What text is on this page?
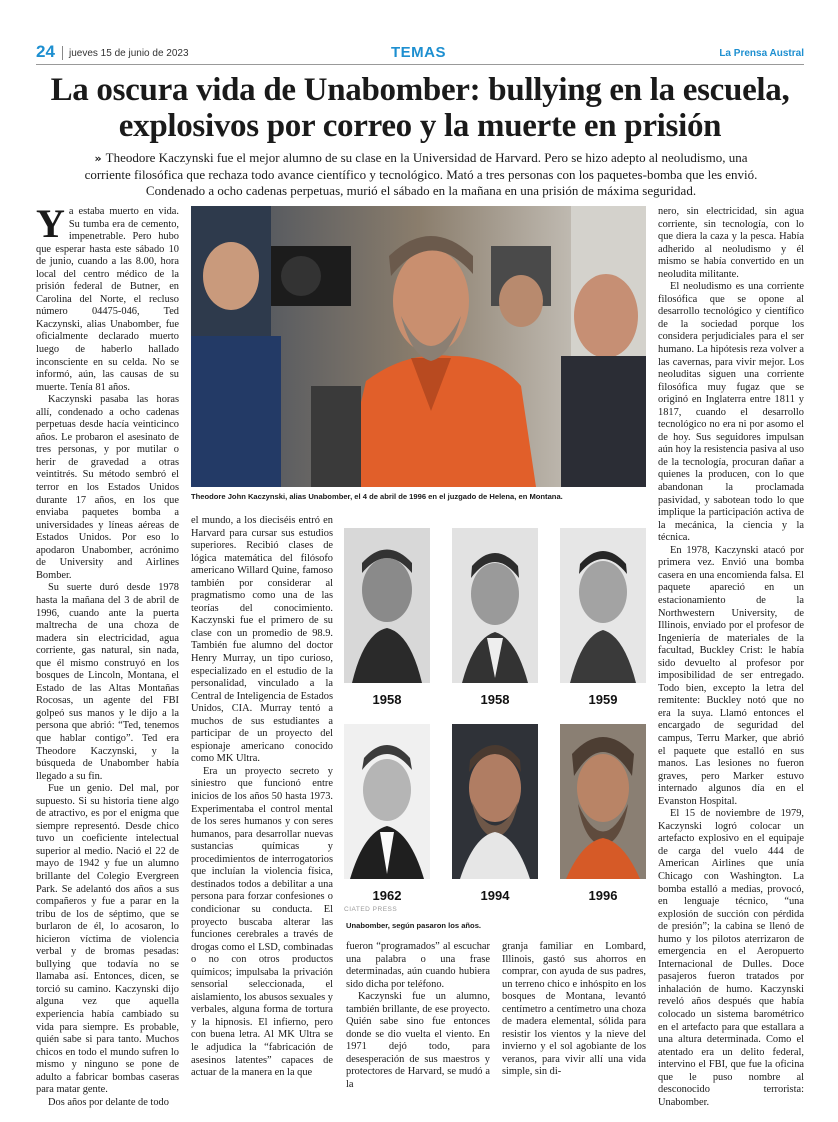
24 jueves 15 de junio de 2023	TEMAS	La Prensa Austral
La oscura vida de Unabomber: bullying en la escuela,
explosivos por correo y la muerte en prisión
» Theodore Kaczynski fue el mejor alumno de su clase en la Universidad de Harvard. Pero se hizo adepto al neoludismo, una corriente filosófica que rechaza todo avance científico y tecnológico. Mató a tres personas con los paquetes-bomba que les envió. Condenado a ocho cadenas perpetuas, murió el sábado en la mañana en una prisión de máxima seguridad.

Ya estaba muerto en vida. Su tumba era de cemento, impenetrable. Pero hubo que esperar hasta este sábado 10 de junio, cuando a las 8.00, hora local del centro médico de la prisión federal de Butner, en Carolina del Norte, el recluso número 04475-046, Ted Kaczynski, alias Unabomber, fue oficialmente declarado muerto luego de haberlo hallado inconsciente en su celda. No se informó, aún, las causas de su muerte. Tenía 81 años.

Kaczynski pasaba las horas allí, condenado a ocho cadenas perpetuas desde hacía veinticinco años. Le probaron el asesinato de tres personas, y por mutilar o herir de gravedad a otras veintitrés. Su método sembró el terror en los Estados Unidos durante 17 años, en los que enviaba paquetes bomba a universidades y líneas aéreas de Estados Unidos. Por eso lo apodaron Unabomber, acrónimo de University and Airlines Bomber.

Su suerte duró desde 1978 hasta la mañana del 3 de abril de 1996, cuando ante la puerta maltrecha de una choza de madera sin electricidad, agua corriente, gas natural, sin nada, que él mismo construyó en los bosques de Lincoln, Montana, el Estado de las Altas Montañas Rocosas, un agente del FBI golpeó sus manos y le dijo a la persona que abrió: “Ted, tenemos que hablar contigo”. Ted era Theodore Kaczynski, y la búsqueda de Unabomber había llegado a su fin.

Fue un genio. Del mal, por supuesto. Si su historia tiene algo de atractivo, es por el enigma que siempre representó. Desde chico tuvo un coeficiente intelectual superior al medio. Nació el 22 de mayo de 1942 y fue un alumno brillante del Colegio Evergreen Park. Se adelantó dos años a sus compañeros y fue a parar en la tribu de los de séptimo, que se burlaron de él, lo acosaron, lo hicieron víctima de violencia verbal y de bromas pesadas: bullying que todavía no se llamaba así. Entonces, dicen, se torció su camino. Kaczynski dijo alguna vez que aquella experiencia había cambiado su vida para siempre. Es probable, quién sabe si para tanto. Muchos chicos en todo el mundo sufren lo mismo y ninguno se pone de adulto a fabricar bombas caseras para matar gente.

Dos años por delante de todo

Theodore John Kaczynski, alias Unabomber, el 4 de abril de 1996 en el juzgado de Helena, en Montana.

el mundo, a los dieciséis entró en Harvard para cursar sus estudios superiores. Recibió clases de lógica matemática del filósofo americano Willard Quine, famoso también por considerar al pragmatismo como una de las teorías del conocimiento. Kaczynski fue el primero de su clase con un promedio de 98.9. También fue alumno del doctor Henry Murray, un tipo curioso, especializado en el estudio de la personalidad, vinculado a la Central de Inteligencia de Estados Unidos, CIA. Murray tentó a muchos de sus estudiantes a participar de un proyecto del espionaje americano conocido como MK Ultra.

Era un proyecto secreto y siniestro que funcionó entre inicios de los años 50 hasta 1973. Experimentaba el control mental de los seres humanos y con seres humanos, para desarrollar nuevas sustancias químicas y procedimientos de interrogatorios que incluían la violencia física, destinados todos a debilitar a una persona para forzar confesiones o condicionar su conducta. El proyecto buscaba alterar las funciones cerebrales a través de drogas como el LSD, combinadas o no con otros productos químicos; impulsaba la privación sensorial seleccionada, el aislamiento, los abusos sexuales y verbales, alguna forma de tortura y la hipnosis. El infierno, pero con buena letra. Al MK Ultra se le adjudica la “fabricación de asesinos latentes” capaces de actuar de la manera en la que

1958	1958	1959
1962	1994	1996
CIATED PRESS
Unabomber, según pasaron los años.

fueron “programados” al escuchar una palabra o una frase determinadas, aún cuando hubiera sido dicha por teléfono.

Kaczynski fue un alumno, también brillante, de ese proyecto. Quién sabe sino fue entonces donde se dio vuelta el viento. En 1971 dejó todo, para desesperación de sus maestros y protectores de Harvard, se mudó a la

granja familiar en Lombard, Illinois, gastó sus ahorros en comprar, con ayuda de sus padres, un terreno chico e inhóspito en los bosques de Montana, levantó centímetro a centímetro una choza de madera elemental, sólida para resistir los vientos y la nieve del invierno y el sol agobiante de los veranos, para vivir allí una vida simple, sin di-

nero, sin electricidad, sin agua corriente, sin tecnología, con lo que diera la caza y la pesca. Había adherido al neoludismo y él mismo se había convertido en un neoludita militante.

El neoludismo es una corriente filosófica que se opone al desarrollo tecnológico y científico de la sociedad porque los considera perjudiciales para el ser humano. La hipótesis reza volver a las cavernas, para vivir mejor. Los neoluditas siguen una corriente filosófica muy fugaz que se originó en Inglaterra entre 1811 y 1817, cuando el desarrollo tecnológico no era ni por asomo el de hoy. Sus seguidores impulsan aún hoy la resistencia pasiva al uso de la tecnología, procuran dañar a quienes la producen, con lo que abandonan la proclamada pasividad, y sabotean todo lo que implique la participación activa de la mecánica, la ciencia y la técnica.

En 1978, Kaczynski atacó por primera vez. Envió una bomba casera en una encomienda falsa. El paquete apareció en un estacionamiento de la Northwestern University, de Illinois, enviado por el profesor de Ingeniería de materiales de la facultad, Buckley Crist: le había sido devuelto al profesor por imposibilidad de ser entregado. Todo bien, excepto la letra del remitente: Buckley notó que no era la suya. Llamó entonces el encargado de seguridad del campus, Terru Marker, que abrió el paquete que estalló en sus manos. Las lesiones no fueron graves, pero Marker estuvo internado algunos día en el Evanston Hospital.

El 15 de noviembre de 1979, Kaczynski logró colocar un artefacto explosivo en el equipaje de carga del vuelo 444 de American Airlines que unía Chicago con Washington. La bomba estalló a medias, provocó, en lenguaje técnico, “una explosión de succión con pérdida de presión”; la cabina se llenó de humo y los pilotos aterrizaron de emergencia en el Aeropuerto Internacional de Dulles. Doce pasajeros fueron tratados por inhalación de humo. Kaczynski reveló años después que había colocado un sistema barométrico en el artefacto para que estallara a una altura determinada. Como el atentado era un delito federal, intervino el FBI, que fue la oficina que le puso nombre al desconocido terrorista: Unabomber.
